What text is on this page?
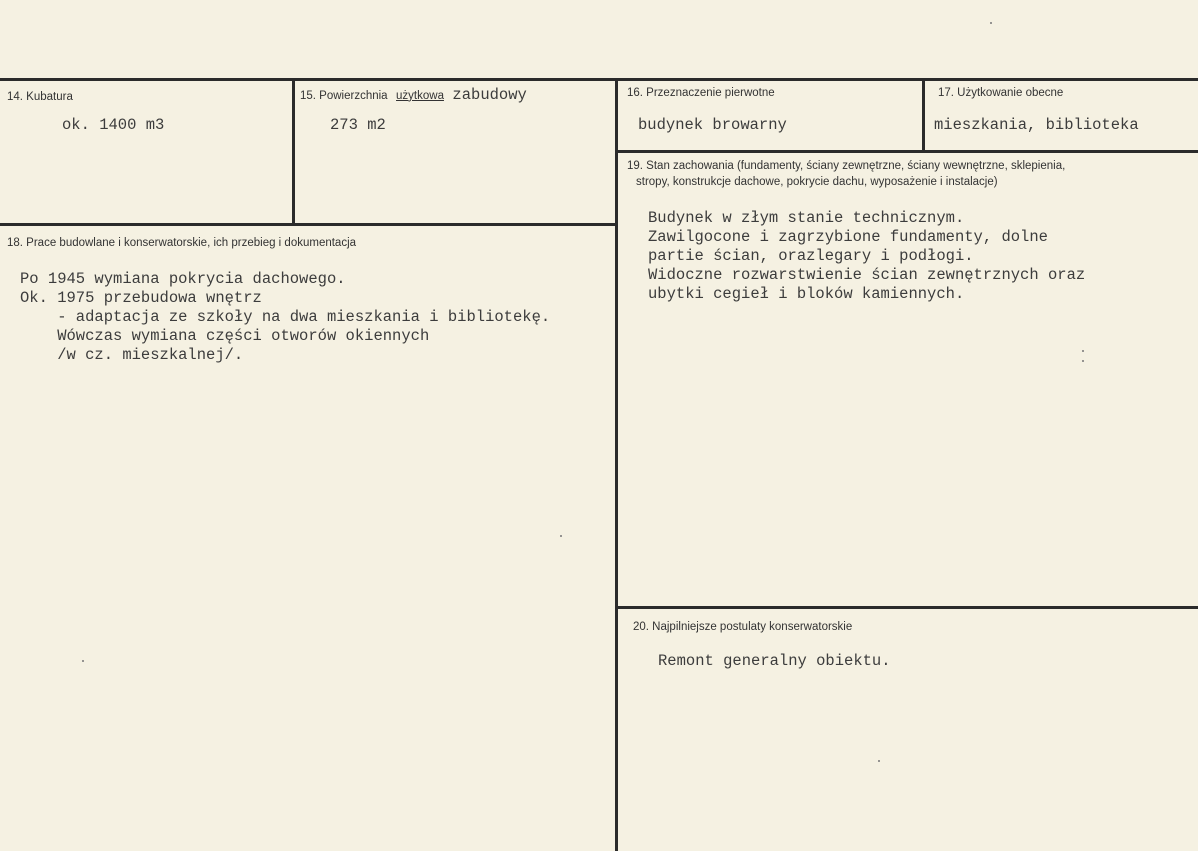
14. Kubatura
ok. 1400 m3
15. Powierzchnia użytkowa zabudowy
273 m2
16. Przeznaczenie pierwotne
budynek browarny
17. Użytkowanie obecne
mieszkania, biblioteka
18. Prace budowlane i konserwatorskie, ich przebieg i dokumentacja
Po 1945 wymiana pokrycia dachowego.
Ok. 1975 przebudowa wnętrz
- adaptacja ze szkoły na dwa mieszkania i bibliotekę.
Wówczas wymiana części otworów okiennych
/w cz. mieszkalnej/.
19. Stan zachowania (fundamenty, ściany zewnętrzne, ściany wewnętrzne, sklepienia,
stropy, konstrukcje dachowe, pokrycie dachu, wyposażenie i instalacje)
Budynek w złym stanie technicznym.
Zawilgocone i zagrzybione fundamenty, dolne
partie ścian, orazlegary i podłogi.
Widoczne rozwarstwienie ścian zewnętrznych oraz
ubytki cegieł i bloków kamiennych.
20. Najpilniejsze postulaty konserwatorskie
Remont generalny obiektu.
